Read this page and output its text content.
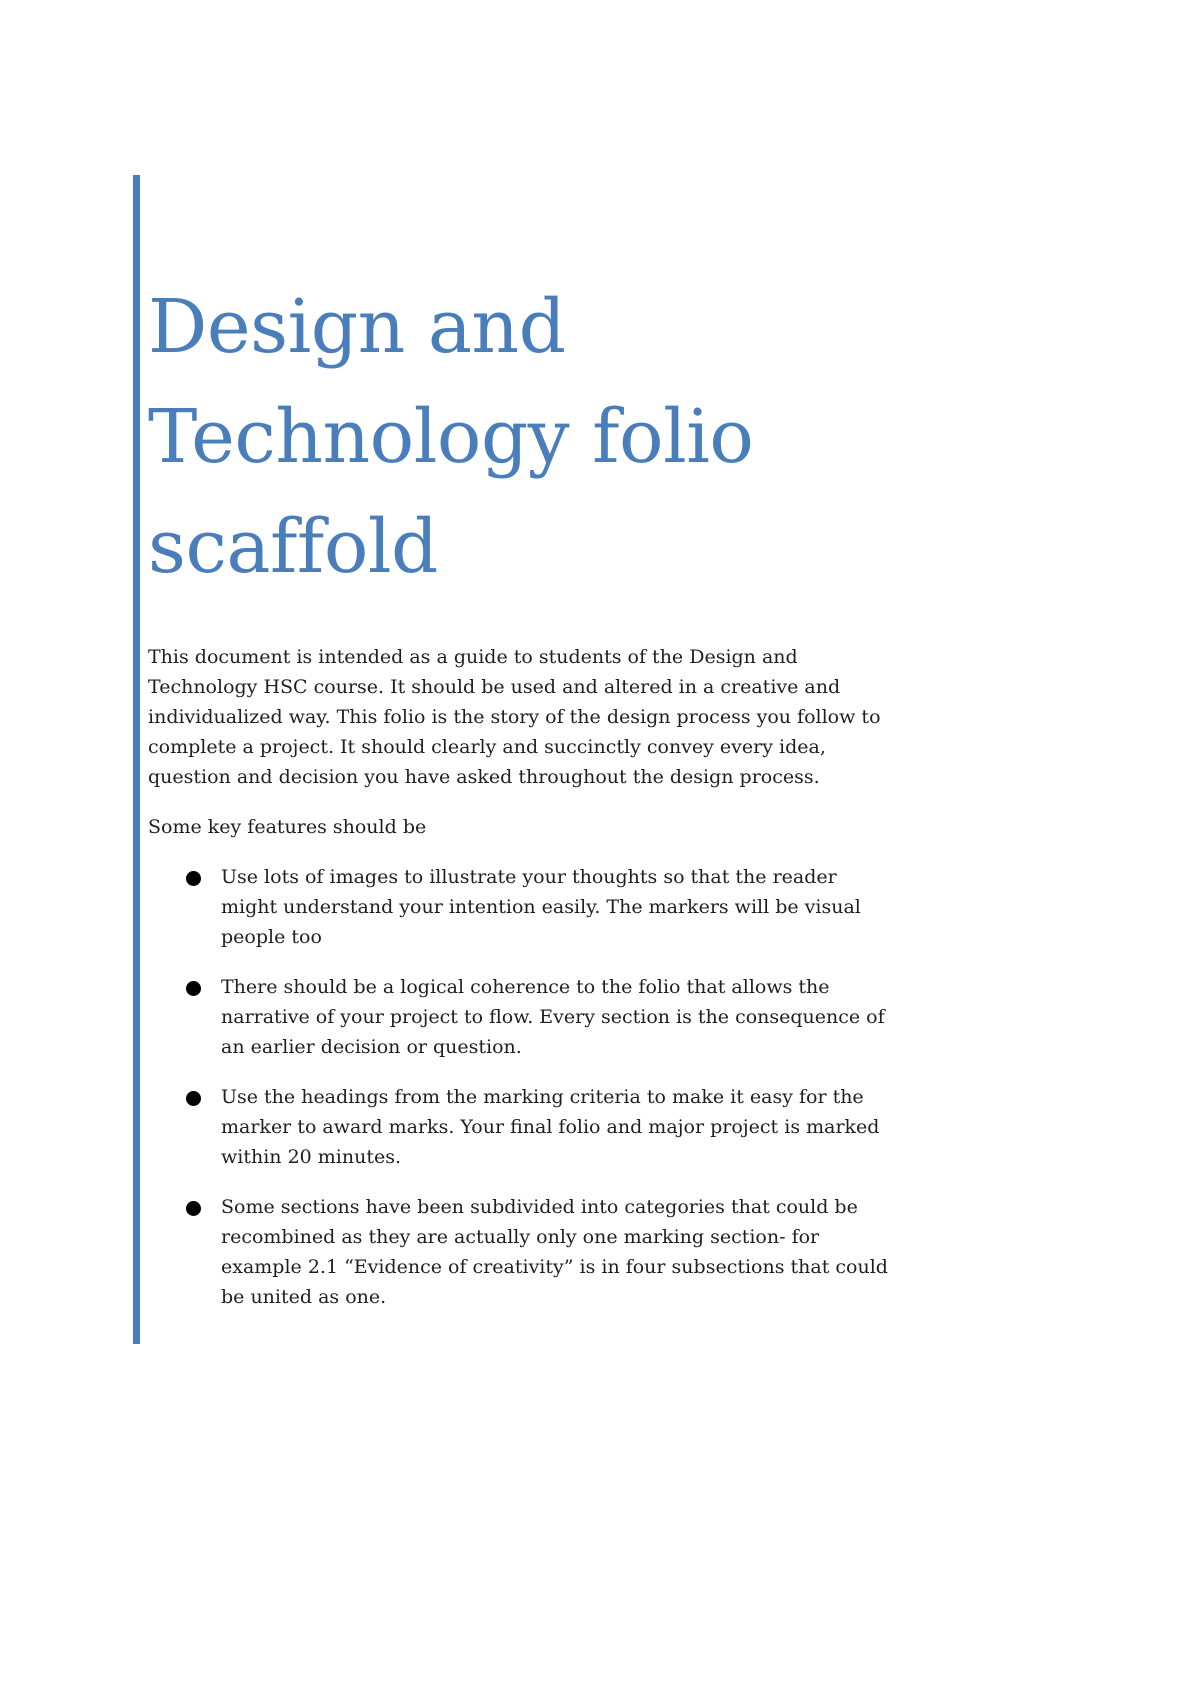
Design and Technology folio scaffold

This document is intended as a guide to students of the Design and Technology HSC course. It should be used and altered in a creative and individualized way. This folio is the story of the design process you follow to complete a project. It should clearly and succinctly convey every idea, question and decision you have asked throughout the design process.

Some key features should be

Use lots of images to illustrate your thoughts so that the reader might understand your intention easily. The markers will be visual people too
There should be a logical coherence to the folio that allows the narrative of your project to flow. Every section is the consequence of an earlier decision or question.
Use the headings from the marking criteria to make it easy for the marker to award marks. Your final folio and major project is marked within 20 minutes.
Some sections have been subdivided into categories that could be recombined as they are actually only one marking section- for example 2.1 “Evidence of creativity” is in four subsections that could be united as one.
